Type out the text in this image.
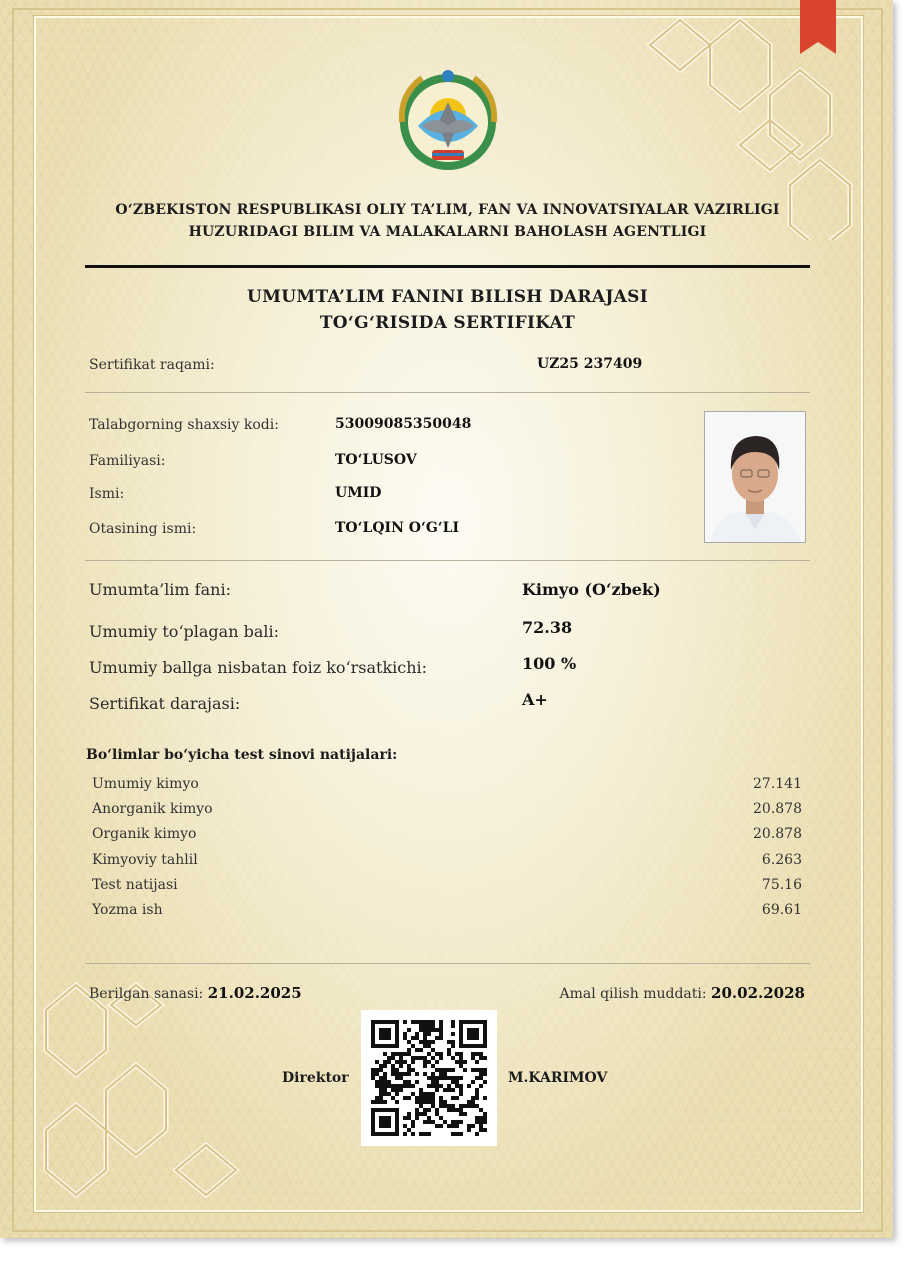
O‘ZBEKISTON RESPUBLIKASI OLIY TA’LIM, FAN VA INNOVATSIYALAR VAZIRLIGI
HUZURIDAGI BILIM VA MALAKALARNI BAHOLASH AGENTLIGI
UMUMTA’LIM FANINI BILISH DARAJASI
TO‘G‘RISIDA SERTIFIKAT
Sertifikat raqami:	UZ25 237409
Talabgorning shaxsiy kodi:	53009085350048
Familiyasi:	TO‘LUSOV
Ismi:	UMID
Otasining ismi:	TO‘LQIN O‘G‘LI
Umumta’lim fani:	Kimyo (O‘zbek)
Umumiy to‘plagan bali:	72.38
Umumiy ballga nisbatan foiz ko‘rsatkichi:	100 %
Sertifikat darajasi:	A+
Bo‘limlar bo‘yicha test sinovi natijalari:
Umumiy kimyo	27.141
Anorganik kimyo	20.878
Organik kimyo	20.878
Kimyoviy tahlil	6.263
Test natijasi	75.16
Yozma ish	69.61
Berilgan sanasi: 21.02.2025	Amal qilish muddati: 20.02.2028
Direktor	M.KARIMOV
